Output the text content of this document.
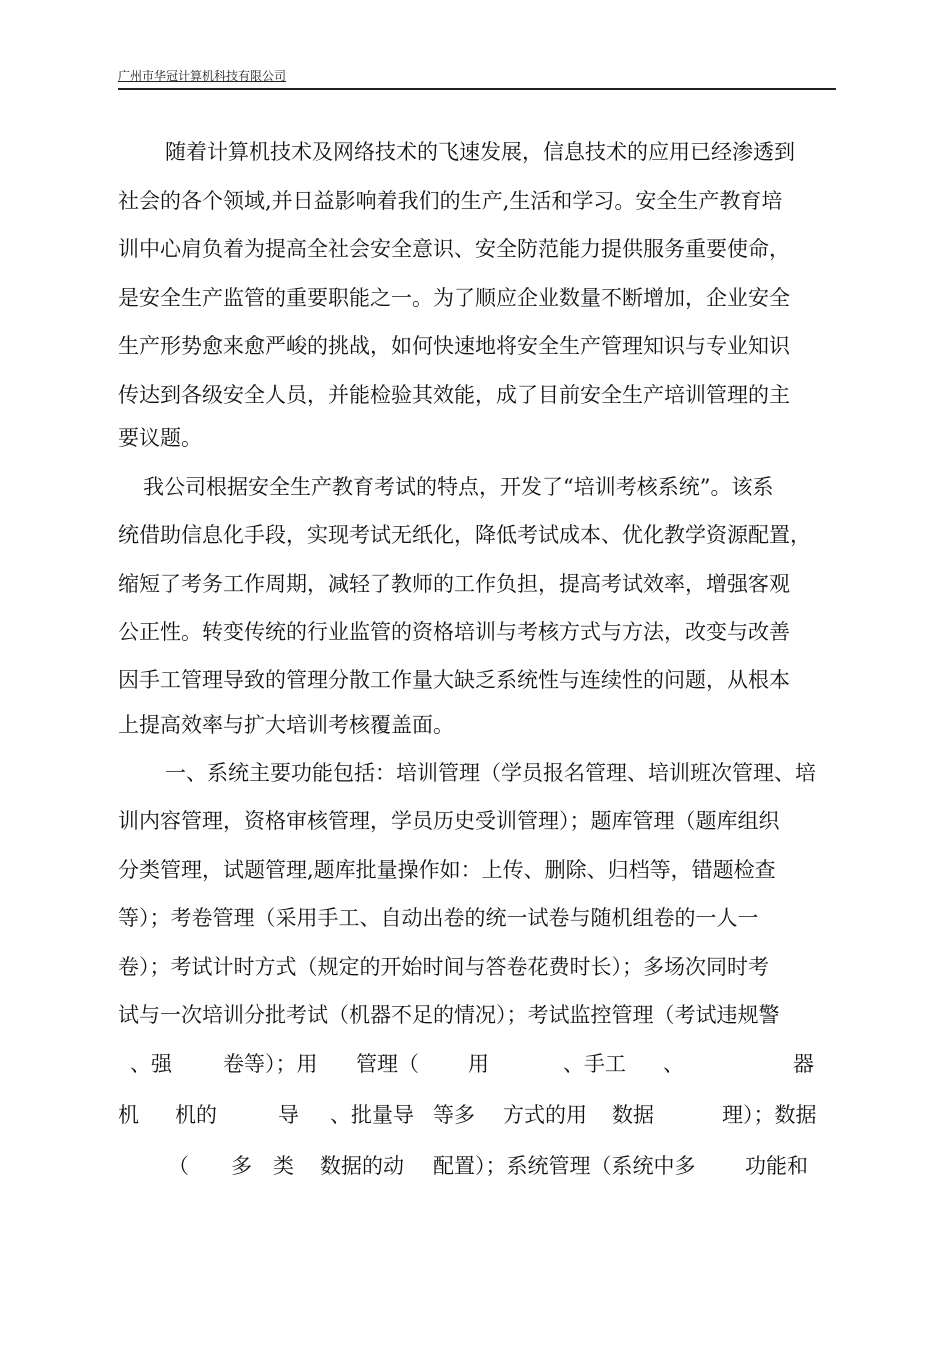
广州市华冠计算机科技有限公司
随着计算机技术及网络技术的飞速发展，信息技术的应用已经渗透到
社会的各个领域,并日益影响着我们的生产,生活和学习。安全生产教育培
训中心肩负着为提高全社会安全意识、安全防范能力提供服务重要使命，
是安全生产监管的重要职能之一。为了顺应企业数量不断增加，企业安全
生产形势愈来愈严峻的挑战，如何快速地将安全生产管理知识与专业知识
传达到各级安全人员，并能检验其效能，成了目前安全生产培训管理的主
要议题。
我公司根据安全生产教育考试的特点，开发了“培训考核系统”。该系
统借助信息化手段，实现考试无纸化，降低考试成本、优化教学资源配置，
缩短了考务工作周期，减轻了教师的工作负担，提高考试效率，增强客观
公正性。转变传统的行业监管的资格培训与考核方式与方法，改变与改善
因手工管理导致的管理分散工作量大缺乏系统性与连续性的问题，从根本
上提高效率与扩大培训考核覆盖面。
一、系统主要功能包括：培训管理（学员报名管理、培训班次管理、培
训内容管理，资格审核管理，学员历史受训管理）；题库管理（题库组织
分类管理，试题管理,题库批量操作如：上传、删除、归档等，错题检查
等）；考卷管理（采用手工、自动出卷的统一试卷与随机组卷的一人一
卷）；考试计时方式（规定的开始时间与答卷花费时长）；多场次同时考
试与一次培训分批考试（机器不足的情况）；考试监控管理（考试违规警
、强 卷等）；用 管理（ 用	、手工 、	器
机 机的	导 、批量导 等多 方式的用 数据	理）；数据
（ 多 类 数据的动 配置）；系统管理（系统中多 功能和
